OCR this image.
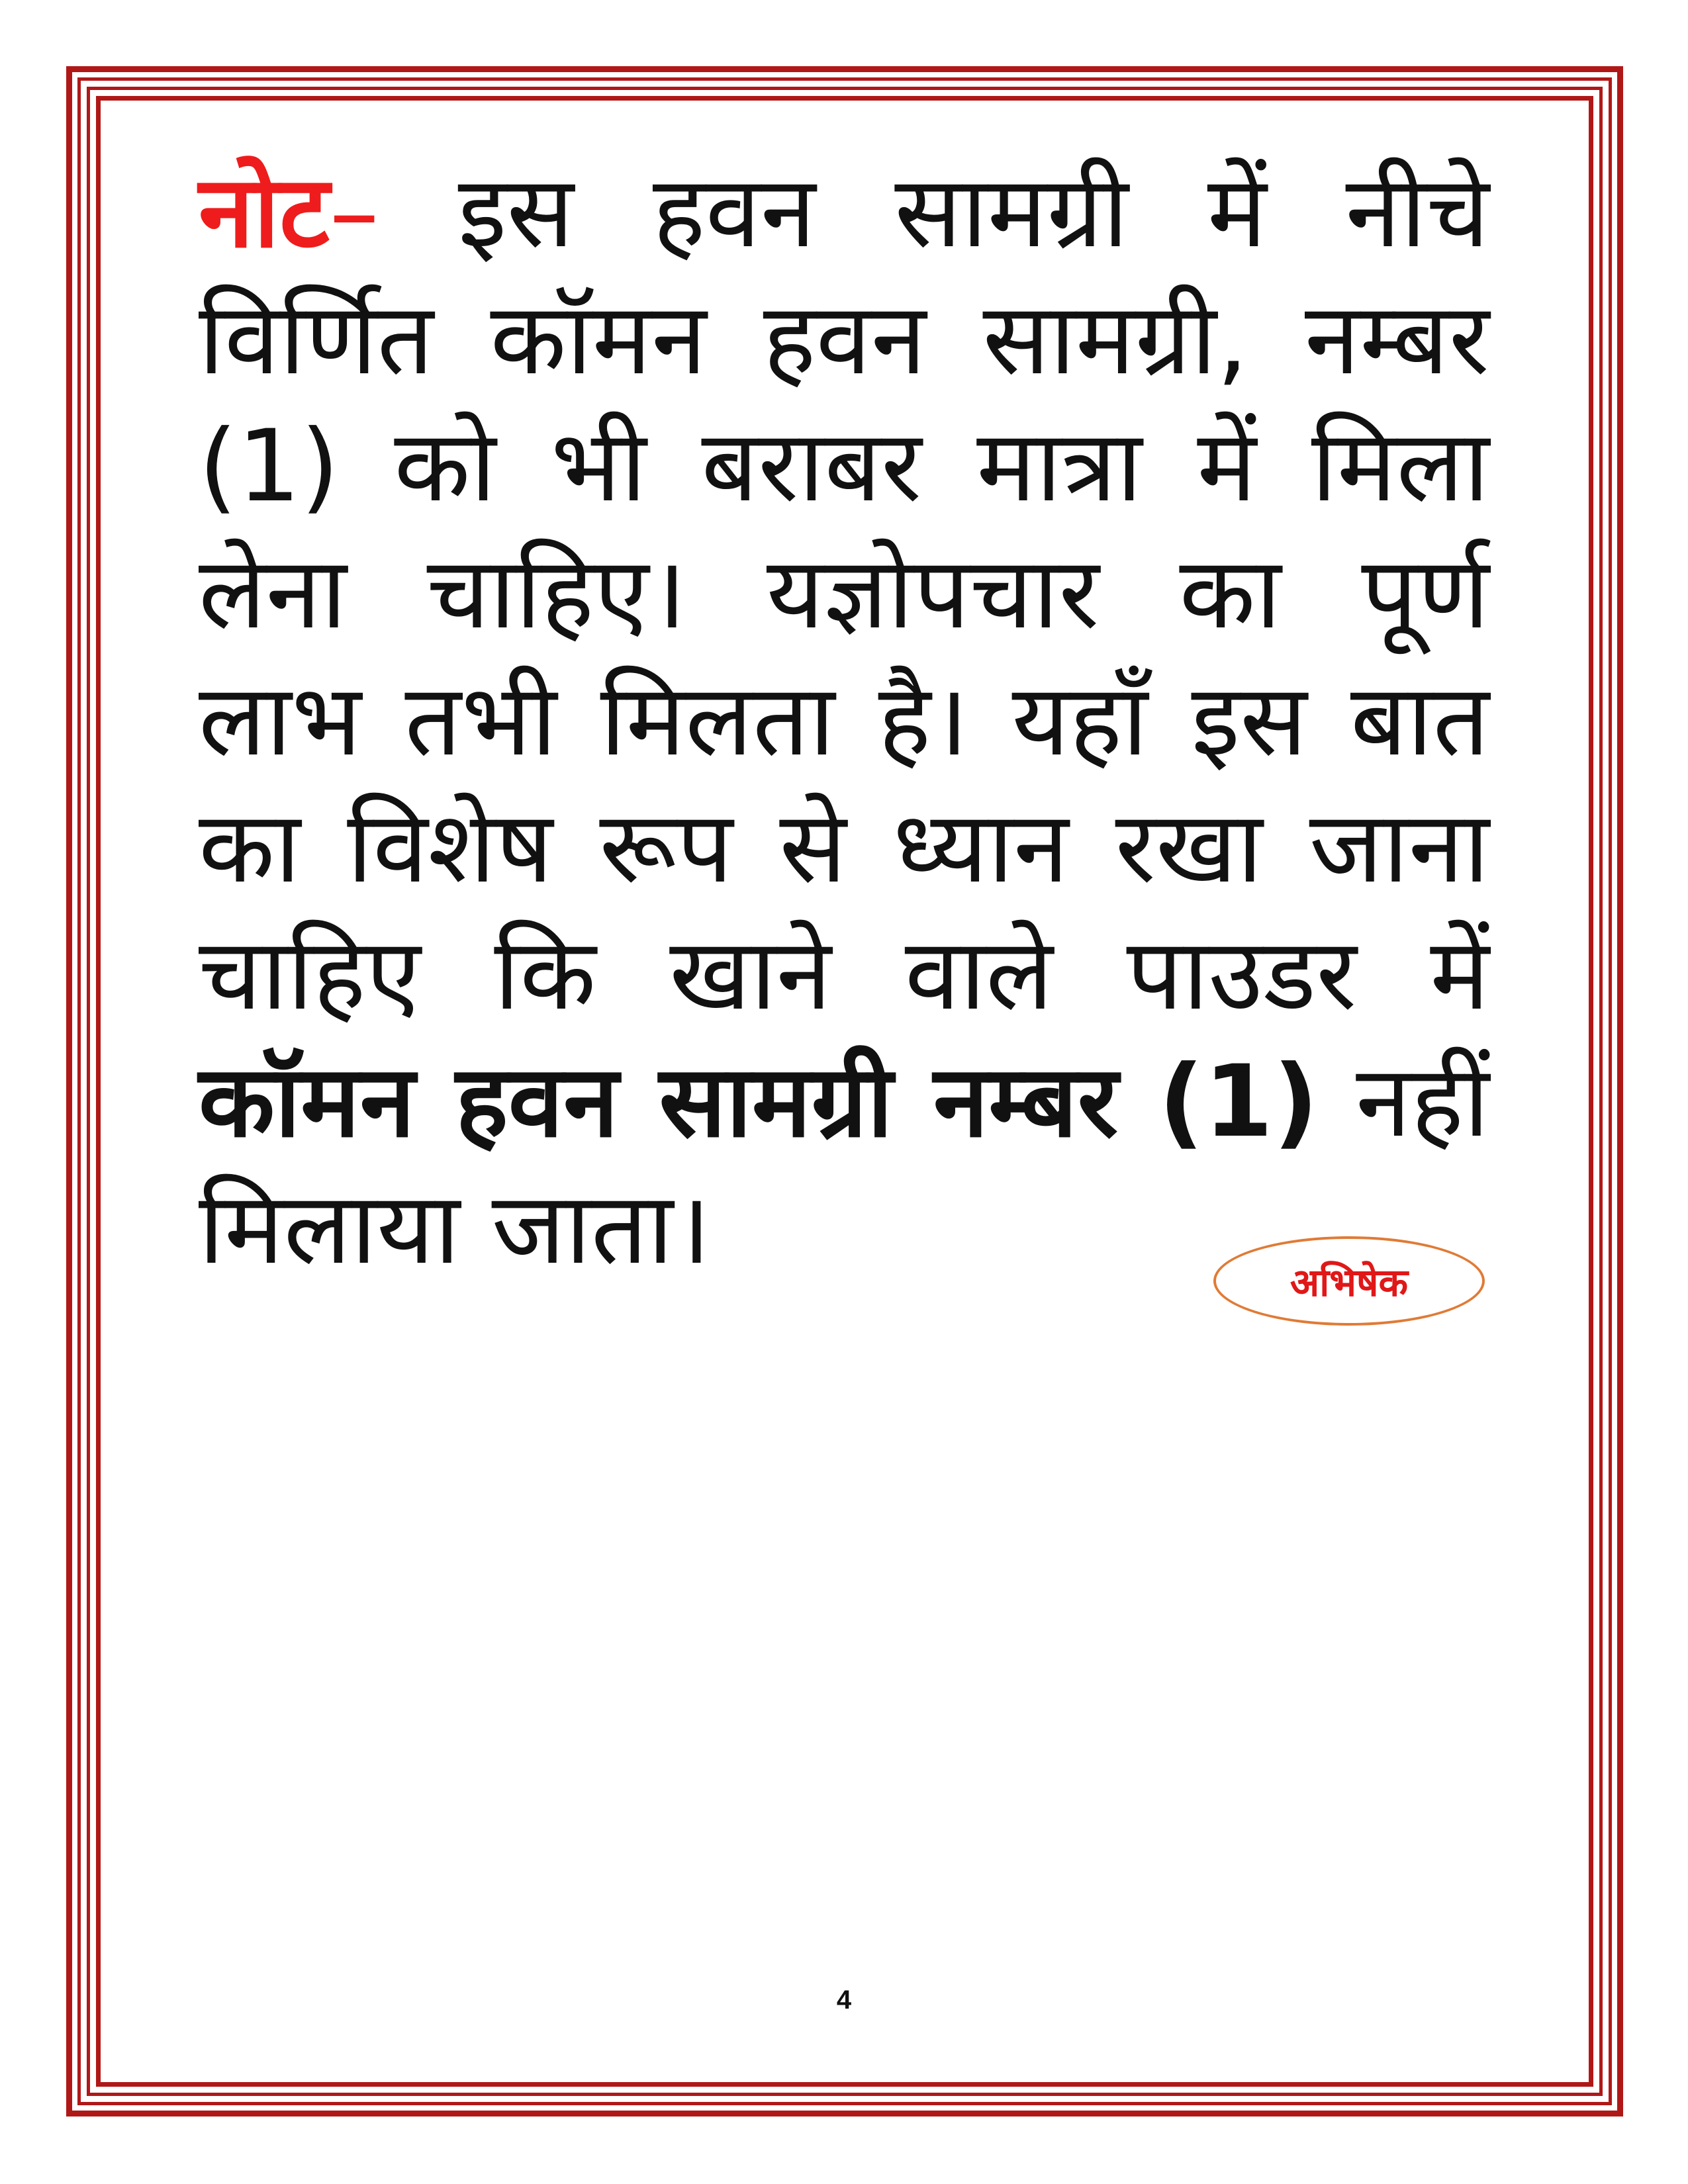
नोट– इस हवन सामग्री में नीचे विर्णित कॉमन हवन सामग्री, नम्बर (1) को भी बराबर मात्रा में मिला लेना चाहिए। यज्ञोपचार का पूर्ण लाभ तभी मिलता है। यहाँ इस बात का विशेष रूप से ध्यान रखा जाना चाहिए कि खाने वाले पाउडर में कॉमन हवन सामग्री नम्बर (1) नहीं मिलाया जाता।	अभिषेक
4
